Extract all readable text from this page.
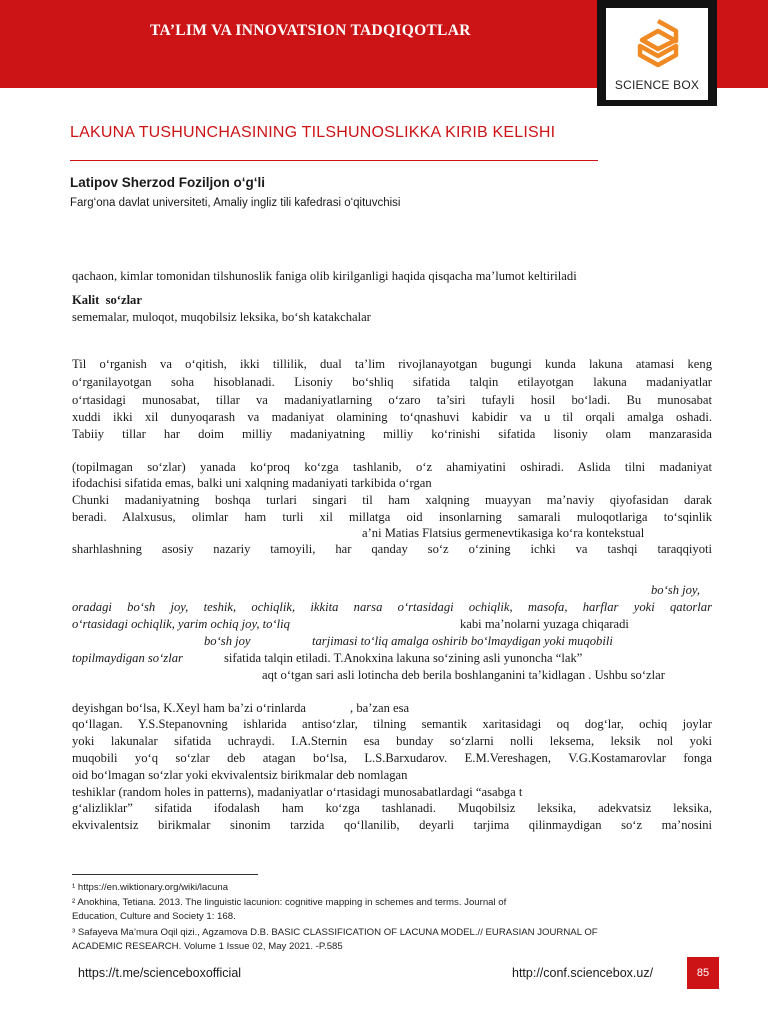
TA’LIM VA INNOVATSION TADQIQOTLAR
SCIENCE BOX
LAKUNA TUSHUNCHASINING TILSHUNOSLIKKA KIRIB KELISHI
Latipov Sherzod Foziljon o‘g‘li
Farg‘ona davlat universiteti, Amaliy ingliz tili kafedrasi o‘qituvchisi
qachaon, kimlar tomonidan tilshunoslik faniga olib kirilganligi haqida qisqacha ma’lumot keltiriladi
Kalit  so‘zlar
sememalar, muloqot, muqobilsiz leksika, bo‘sh katakchalar
Til o‘rganish va o‘qitish, ikki tillilik, dual ta’lim rivojlanayotgan bugungi kunda lakuna atamasi keng
o‘rganilayotgan soha hisoblanadi. Lisoniy bo‘shliq sifatida talqin etilayotgan lakuna madaniyatlar
o‘rtasidagi munosabat, tillar va madaniyatlarning o‘zaro ta’siri tufayli hosil bo‘ladi. Bu munosabat
xuddi ikki xil dunyoqarash va madaniyat olamining to‘qnashuvi kabidir va u til orqali amalga oshadi.
Tabiiy tillar har doim milliy madaniyatning milliy ko‘rinishi sifatida lisoniy olam manzarasida
(topilmagan so‘zlar) yanada ko‘proq ko‘zga tashlanib, o‘z ahamiyatini oshiradi. Aslida tilni madaniyat
ifodachisi sifatida emas, balki uni xalqning madaniyati tarkibida o‘rgan
Chunki madaniyatning boshqa turlari singari til ham xalqning muayyan ma’naviy qiyofasidan darak
beradi. Alalxusus, olimlar ham turli xil millatga oid insonlarning samarali muloqotlariga to‘sqinlik
a’ni Matias Flatsius germenevtikasiga ko‘ra kontekstual
sharhlashning asosiy nazariy tamoyili, har qanday so‘z o‘zining ichki va tashqi taraqqiyoti
bo‘sh joy,
oradagi bo‘sh joy, teshik, ochiqlik, ikkita narsa o‘rtasidagi ochiqlik, masofa, harflar yoki qatorlar
o‘rtasidagi ochiqlik, yarim ochiq joy, to‘liq	kabi ma’nolarni yuzaga chiqaradi
bo‘sh joy	tarjimasi to‘liq amalga oshirib bo‘lmaydigan yoki muqobili
topilmaydigan so‘zlar	sifatida talqin etiladi. T.Anokxina lakuna so‘zining asli yunoncha “lak”
aqt o‘tgan sari asli lotincha deb berila boshlanganini ta’kidlagan . Ushbu so‘zlar
deyishgan bo‘lsa, K.Xeyl ham ba’zi o‘rinlarda              , ba’zan esa
qo‘llagan. Y.S.Stepanovning ishlarida antiso‘zlar, tilning semantik xaritasidagi oq dog‘lar, ochiq joylar
yoki lakunalar sifatida uchraydi. I.A.Sternin esa bunday so‘zlarni nolli leksema, leksik nol yoki
muqobili yo‘q so‘zlar deb atagan bo‘lsa, L.S.Barxudarov. E.M.Vereshagen, V.G.Kostamarovlar fonga
oid bo‘lmagan so‘zlar yoki ekvivalentsiz birikmalar deb nomlagan
teshiklar (random holes in patterns), madaniyatlar o‘rtasidagi munosabatlardagi “asabga t
g‘alizliklar” sifatida ifodalash ham ko‘zga tashlanadi. Muqobilsiz leksika, adekvatsiz leksika,
ekvivalentsiz birikmalar sinonim tarzida qo‘llanilib, deyarli tarjima qilinmaydigan so‘z ma’nosini
¹ https://en.wiktionary.org/wiki/lacuna
² Anokhina, Tetiana. 2013. The linguistic lacunion: cognitive mapping in schemes and terms. Journal of
Education, Culture and Society 1: 168.
³ Safayeva Ma’mura Oqil qizi., Agzamova D.B. BASIC CLASSIFICATION OF LACUNA MODEL.// EURASIAN JOURNAL OF
ACADEMIC RESEARCH. Volume 1 Issue 02, May 2021. -P.585
https://t.me/scienceboxofficial	http://conf.sciencebox.uz/	85
